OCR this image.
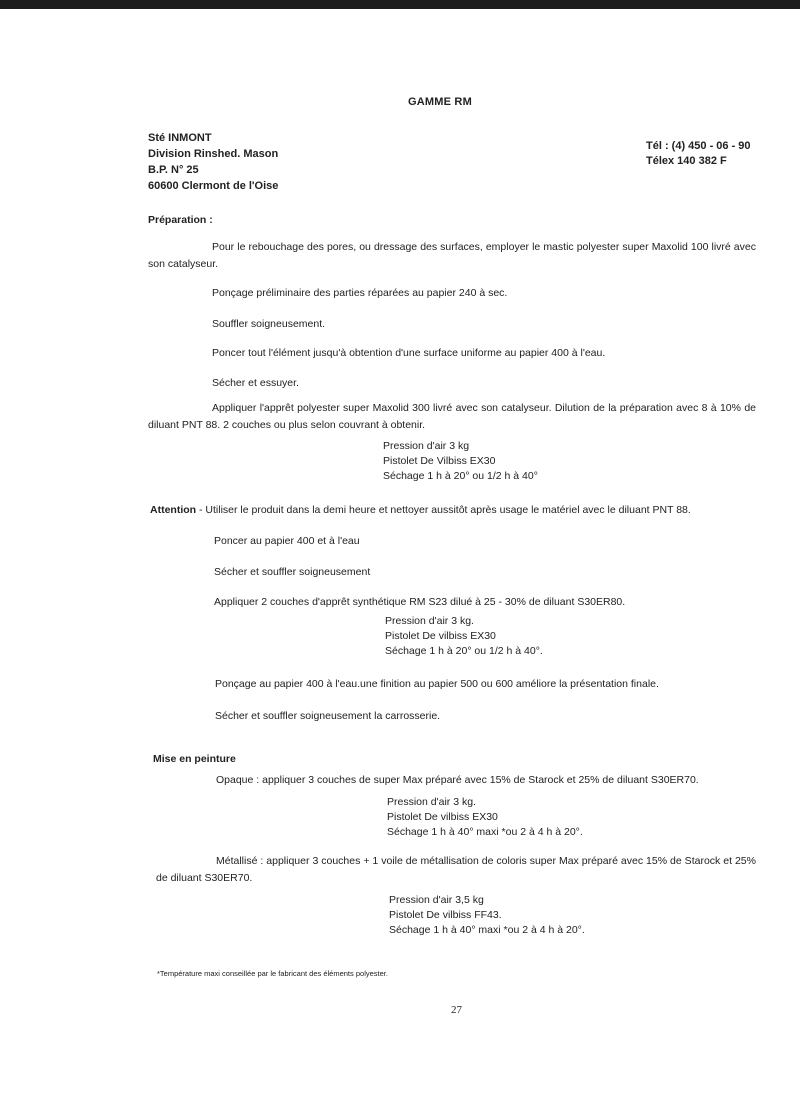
GAMME RM
Sté INMONT
Division Rinshed. Mason
B.P. N° 25
60600 Clermont de l'Oise
Tél : (4) 450 - 06 - 90
Télex 140 382 F
Préparation :
Pour le rebouchage des pores, ou dressage des surfaces, employer le mastic polyester super Maxolid 100 livré avec son catalyseur.
Ponçage préliminaire des parties réparées au papier 240 à sec.
Souffler soigneusement.
Poncer tout l'élément jusqu'à obtention d'une surface uniforme au papier 400 à l'eau.
Sécher et essuyer.
Appliquer l'apprêt polyester super Maxolid 300 livré avec son catalyseur. Dilution de la préparation avec 8 à 10% de diluant PNT 88. 2 couches ou plus selon couvrant à obtenir.
Pression d'air 3 kg
Pistolet De Vilbiss EX30
Séchage 1 h à 20° ou 1/2 h à 40°
Attention - Utiliser le produit dans la demi heure et nettoyer aussitôt après usage le matériel avec le diluant PNT 88.
Poncer au papier 400 et à l'eau
Sécher et souffler soigneusement
Appliquer 2 couches d'apprêt synthétique RM S23 dilué à 25 - 30% de diluant S30ER80.
Pression d'air 3 kg.
Pistolet De vilbiss EX30
Séchage 1 h à 20° ou 1/2 h à 40°.
Ponçage au papier 400 à l'eau.une finition au papier 500 ou 600 améliore la présentation finale.
Sécher et souffler soigneusement la carrosserie.
Mise en peinture
Opaque : appliquer 3 couches de super Max préparé avec 15% de Starock et 25% de diluant S30ER70.
Pression d'air 3 kg.
Pistolet De vilbiss EX30
Séchage 1 h à 40° maxi *ou 2 à 4 h à 20°.
Métallisé : appliquer 3 couches + 1 voile de métallisation de coloris super Max préparé avec 15% de Starock et 25% de diluant S30ER70.
Pression d'air 3,5 kg
Pistolet De vilbiss FF43.
Séchage 1 h à 40° maxi *ou 2 à 4 h à 20°.
*Température maxi conseillée par le fabricant des éléments polyester.
27
